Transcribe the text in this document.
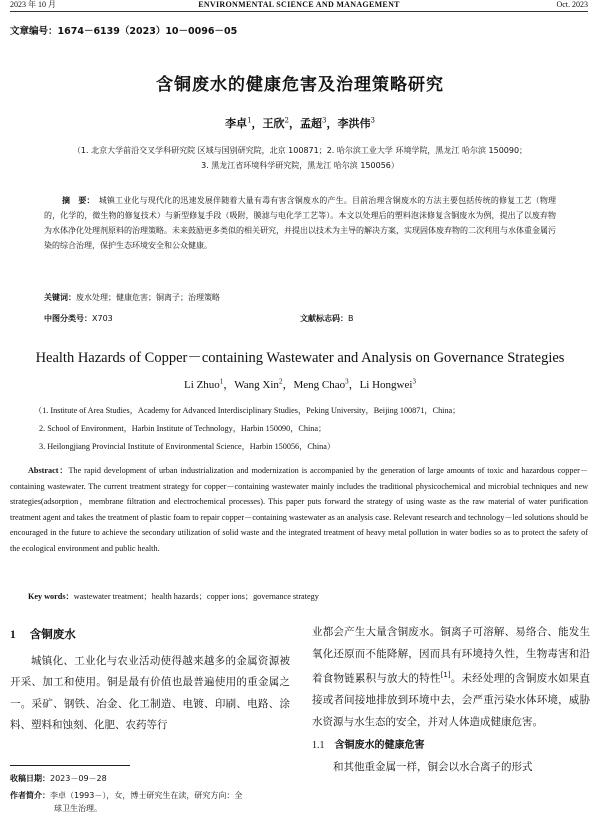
2023 年 10 月	ENVIRONMENTAL SCIENCE AND MANAGEMENT	Oct. 2023
文章编号：1674－6139（2023）10－0096－05
含铜废水的健康危害及治理策略研究
李卓$^1$，王欣$^2$，孟超$^3$，李洪伟$^3$
（1. 北京大学前沿交叉学科研究院 区域与国别研究院，北京 100871；2. 哈尔滨工业大学 环境学院，黑龙江 哈尔滨 150090；
3. 黑龙江省环境科学研究院，黑龙江 哈尔滨 150056）
摘　要： 城镇工业化与现代化的迅速发展伴随着大量有毒有害含铜废水的产生。目前治理含铜废水的方法主要包括传统的修复工艺（物理的，化学的，微生物的修复技术）与新型修复手段（吸附，膜滤与电化学工艺等）。本文以处理后的塑料泡沫修复含铜废水为例，提出了以废弃物为水体净化处理剂原料的治理策略。未来鼓励更多类似的相关研究，并提出以技术为主导的解决方案，实现固体废弃物的二次利用与水体重金属污染的综合治理，保护生态环境安全和公众健康。
关键词：废水处理；健康危害；铜离子；治理策略
中图分类号：X703	文献标志码：B
Health Hazards of Copper－containing Wastewater and Analysis on Governance Strategies
Li Zhuo$^1$，Wang Xin$^2$，Meng Chao$^3$，Li Hongwei$^3$
（1. Institute of Area Studies，Academy for Advanced Interdisciplinary Studies，Peking University，Beijing 100871，China；
2. School of Environment，Harbin Institute of Technology，Harbin 150090，China；
3. Heilongjiang Provincial Institute of Environmental Science，Harbin 150056，China）
Abstract：The rapid development of urban industrialization and modernization is accompanied by the generation of large amounts of toxic and hazardous copper－containing wastewater. The current treatment strategy for copper－containing wastewater mainly includes the traditional physicochemical and microbial techniques and new strategies(adsorption，membrane filtration and electrochemical processes). This paper puts forward the strategy of using waste as the raw material of water purification treatment agent and takes the treatment of plastic foam to repair copper－containing wastewater as an analysis case. Relevant research and technology－led solutions should be encouraged in the future to achieve the secondary utilization of solid waste and the integrated treatment of heavy metal pollution in water bodies so as to protect the safety of the ecological environment and public health.
Key words：wastewater treatment；health hazards；copper ions；governance strategy
1 含铜废水
城镇化、工业化与农业活动使得越来越多的金属资源被开采、加工和使用。铜是最有价值也最普遍使用的重金属之一。采矿、钢铁、冶金、化工制造、电镀、印刷、电路、涂料、塑料和蚀刻、化肥、农药等行
业都会产生大量含铜废水。铜离子可溶解、易络合、能发生氧化还原而不能降解，因而具有环境持久性，生物毒害和沿着食物链累积与放大的特性[1]。未经处理的含铜废水如果直接或者间接地排放到环境中去，会严重污染水体环境，威胁水资源与水生态的安全，并对人体造成健康危害。
1.1 含铜废水的健康危害
和其他重金属一样，铜会以水合离子的形式
收稿日期：2023－09－28
作者简介：李卓（1993－），女，博士研究生在读，研究方向：全
球卫生治理。
